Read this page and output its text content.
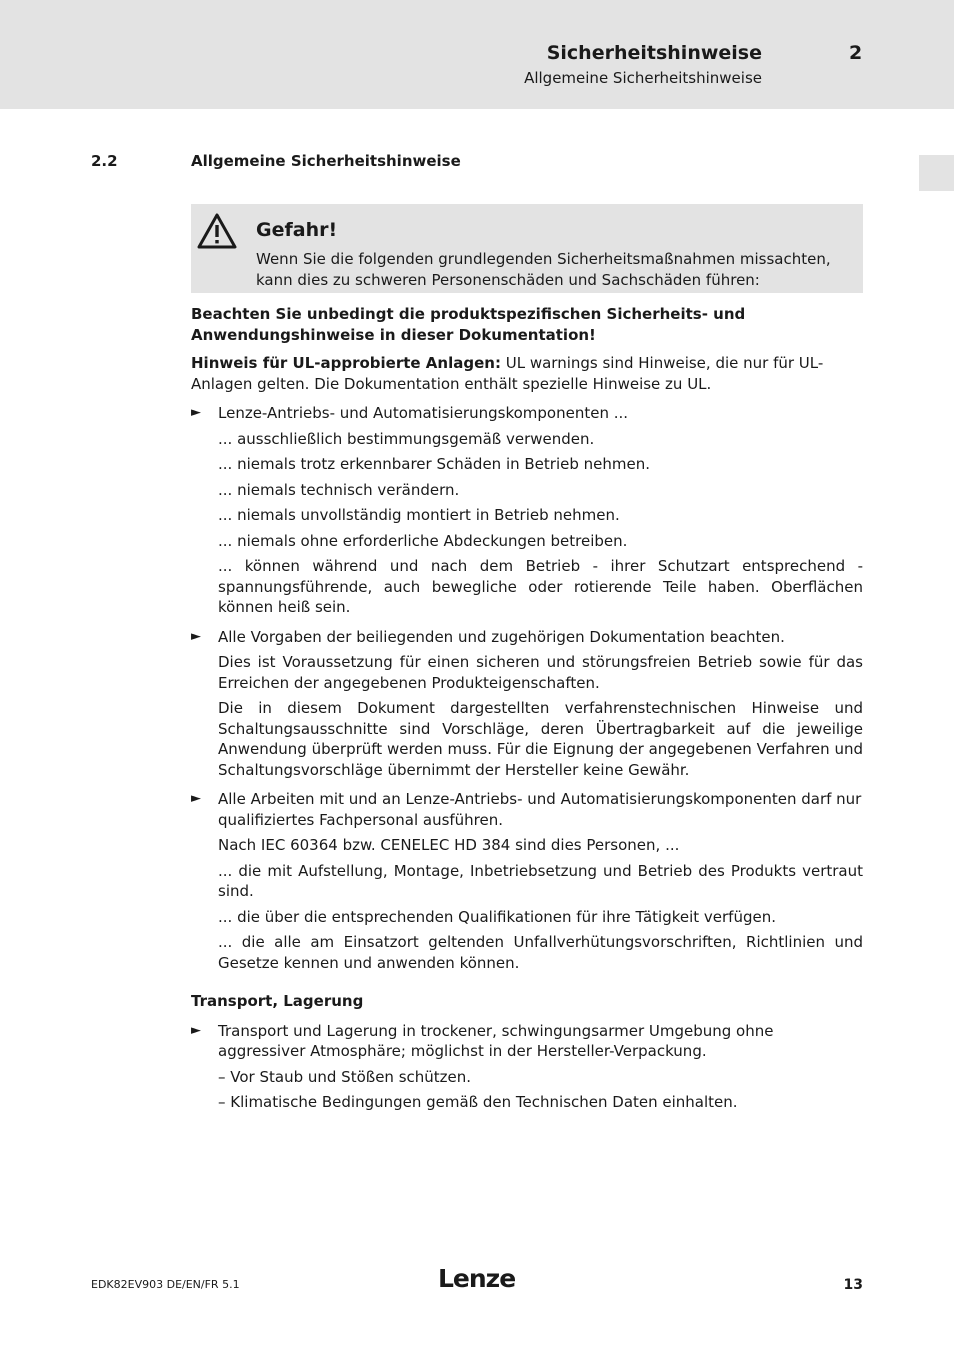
Sicherheitshinweise	2
Allgemeine Sicherheitshinweise
2.2	Allgemeine Sicherheitshinweise
Gefahr!
Wenn Sie die folgenden grundlegenden Sicherheitsmaßnahmen missachten,
kann dies zu schweren Personenschäden und Sachschäden führen:

Beachten Sie unbedingt die produktspezifischen Sicherheits- und Anwendungshinweise in dieser Dokumentation!

Hinweis für UL-approbierte Anlagen: UL warnings sind Hinweise, die nur für UL-Anlagen gelten. Die Dokumentation enthält spezielle Hinweise zu UL.

► Lenze-Antriebs- und Automatisierungskomponenten ...
... ausschließlich bestimmungsgemäß verwenden.
... niemals trotz erkennbarer Schäden in Betrieb nehmen.
... niemals technisch verändern.
... niemals unvollständig montiert in Betrieb nehmen.
... niemals ohne erforderliche Abdeckungen betreiben.
... können während und nach dem Betrieb - ihrer Schutzart entsprechend - spannungsführende, auch bewegliche oder rotierende Teile haben. Oberflächen können heiß sein.
► Alle Vorgaben der beiliegenden und zugehörigen Dokumentation beachten.
Dies ist Voraussetzung für einen sicheren und störungsfreien Betrieb sowie für das Erreichen der angegebenen Produkteigenschaften.
Die in diesem Dokument dargestellten verfahrenstechnischen Hinweise und Schaltungsausschnitte sind Vorschläge, deren Übertragbarkeit auf die jeweilige Anwendung überprüft werden muss. Für die Eignung der angegebenen Verfahren und Schaltungsvorschläge übernimmt der Hersteller keine Gewähr.
► Alle Arbeiten mit und an Lenze-Antriebs- und Automatisierungskomponenten darf nur qualifiziertes Fachpersonal ausführen.
Nach IEC 60364 bzw. CENELEC HD 384 sind dies Personen, ...
... die mit Aufstellung, Montage, Inbetriebsetzung und Betrieb des Produkts vertraut sind.
... die über die entsprechenden Qualifikationen für ihre Tätigkeit verfügen.
... die alle am Einsatzort geltenden Unfallverhütungsvorschriften, Richtlinien und Gesetze kennen und anwenden können.

Transport, Lagerung

► Transport und Lagerung in trockener, schwingungsarmer Umgebung ohne aggressiver Atmosphäre; möglichst in der Hersteller-Verpackung.
– Vor Staub und Stößen schützen.
– Klimatische Bedingungen gemäß den Technischen Daten einhalten.
EDK82EV903 DE/EN/FR 5.1	Lenze	13
